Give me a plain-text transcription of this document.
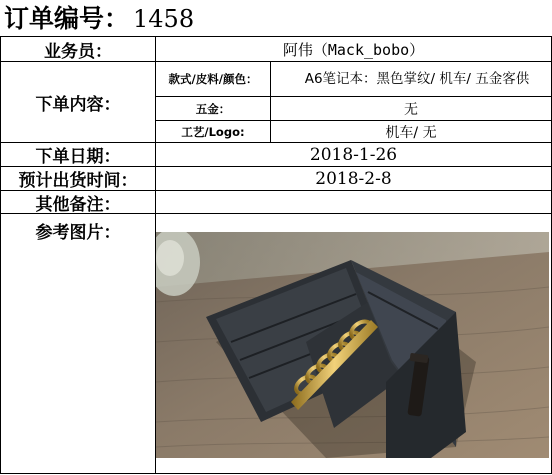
订单编号： 1458
业务员：	阿伟（Mack_bobo）
下单内容：
款式/皮料/颜色：	A6笔记本：黑色掌纹/ 机车/ 五金客供
五金：	无
工艺/Logo:	机车/ 无
下单日期：	2018-1-26
预计出货时间：	2018-2-8
其他备注：
参考图片：
